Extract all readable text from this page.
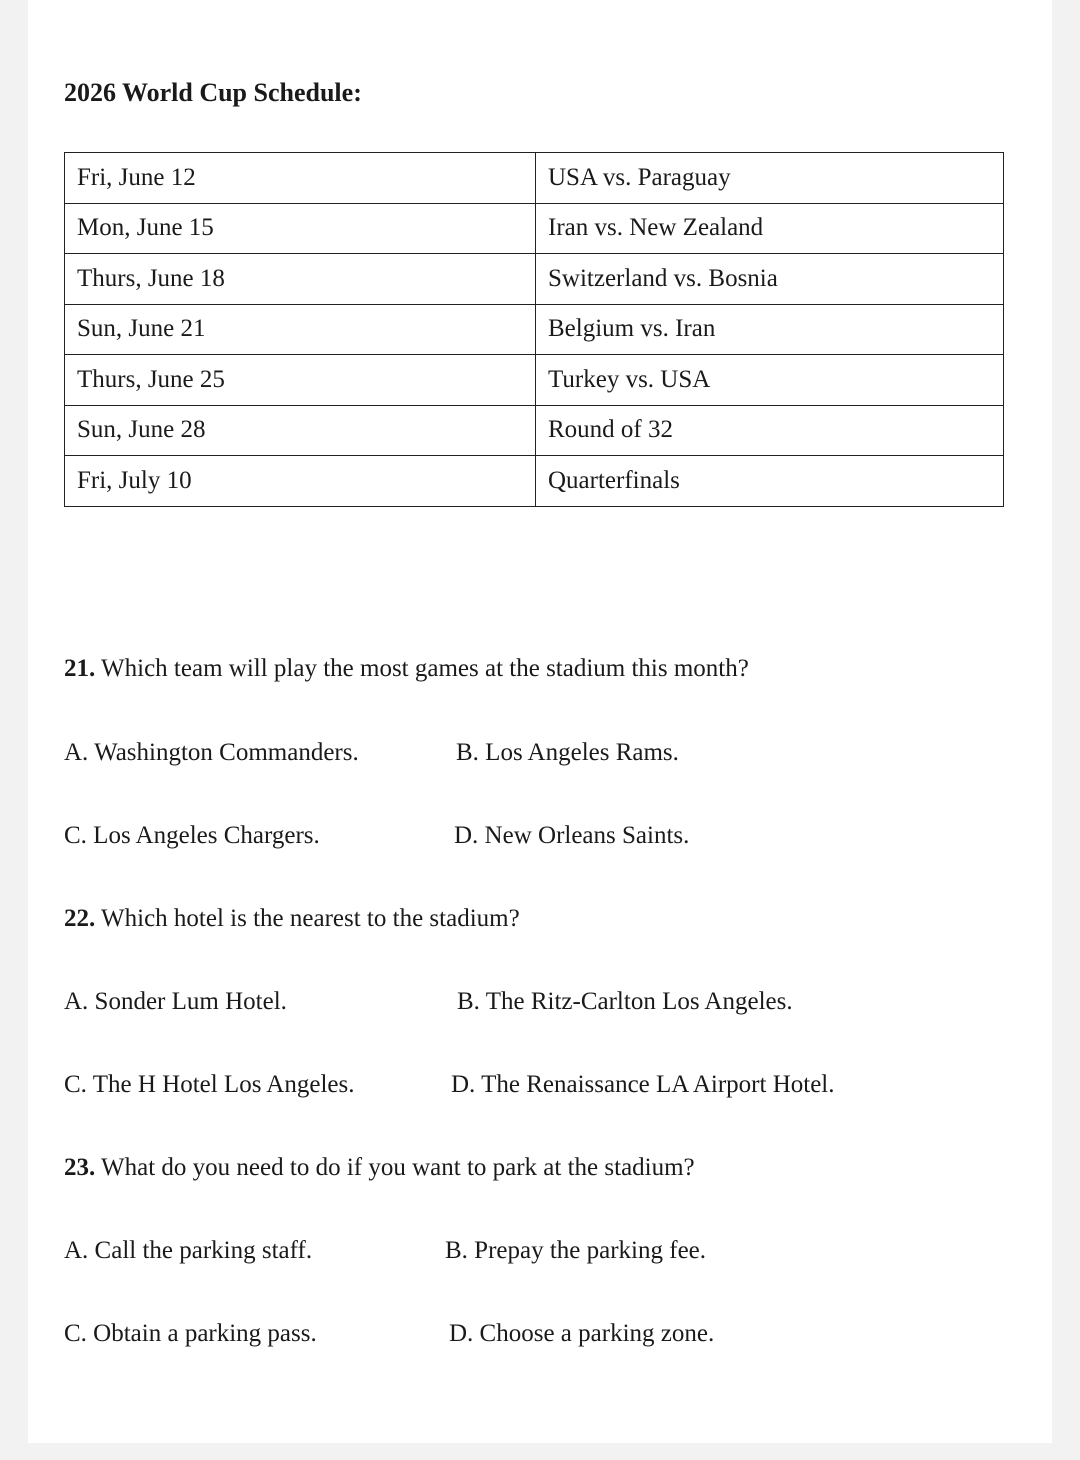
2026 World Cup Schedule:
Fri, June 12	USA vs. Paraguay
Mon, June 15	Iran vs. New Zealand
Thurs, June 18	Switzerland vs. Bosnia
Sun, June 21	Belgium vs. Iran
Thurs, June 25	Turkey vs. USA
Sun, June 28	Round of 32
Fri, July 10	Quarterfinals

21. Which team will play the most games at the stadium this month?

A. Washington Commanders.	B. Los Angeles Rams.
C. Los Angeles Chargers.	D. New Orleans Saints.

22. Which hotel is the nearest to the stadium?

A. Sonder Lum Hotel.	B. The Ritz-Carlton Los Angeles.
C. The H Hotel Los Angeles.	D. The Renaissance LA Airport Hotel.

23. What do you need to do if you want to park at the stadium?

A. Call the parking staff.	B. Prepay the parking fee.
C. Obtain a parking pass.	D. Choose a parking zone.
